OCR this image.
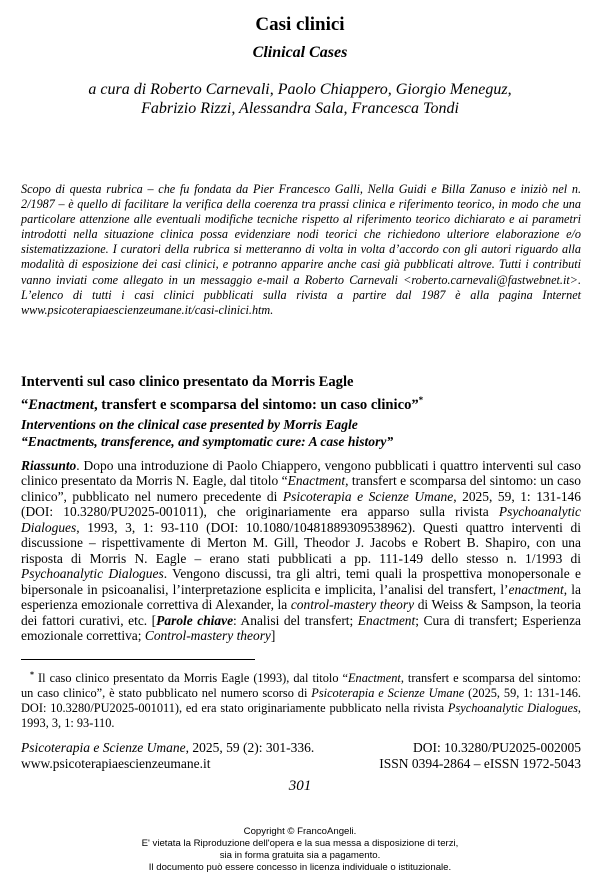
Casi clinici
Clinical Cases
a cura di Roberto Carnevali, Paolo Chiappero, Giorgio Meneguz,
Fabrizio Rizzi, Alessandra Sala, Francesca Tondi

Scopo di questa rubrica – che fu fondata da Pier Francesco Galli, Nella Guidi e Billa Zanuso e iniziò nel n. 2/1987 – è quello di facilitare la verifica della coerenza tra prassi clinica e riferimento teorico, in modo che una particolare attenzione alle eventuali modifiche tecniche rispetto al riferimento teorico dichiarato e ai parametri introdotti nella situazione clinica possa evidenziare nodi teorici che richiedono ulteriore elaborazione e/o sistematizzazione. I curatori della rubrica si metteranno di volta in volta d’accordo con gli autori riguardo alla modalità di esposizione dei casi clinici, e potranno apparire anche casi già pubblicati altrove. Tutti i contributi vanno inviati come allegato in un messaggio e-mail a Roberto Carnevali <roberto.carnevali@fastwebnet.it>. L’elenco di tutti i casi clinici pubblicati sulla rivista a partire dal 1987 è alla pagina Internet www.psicoterapiaescienzeumane.it/casi-clinici.htm.

Interventi sul caso clinico presentato da Morris Eagle
“Enactment, transfert e scomparsa del sintomo: un caso clinico”*
Interventions on the clinical case presented by Morris Eagle
“Enactments, transference, and symptomatic cure: A case history”

Riassunto. Dopo una introduzione di Paolo Chiappero, vengono pubblicati i quattro interventi sul caso clinico presentato da Morris N. Eagle, dal titolo “Enactment, transfert e scomparsa del sintomo: un caso clinico”, pubblicato nel numero precedente di Psicoterapia e Scienze Umane, 2025, 59, 1: 131-146 (DOI: 10.3280/PU2025-001011), che originariamente era apparso sulla rivista Psychoanalytic Dialogues, 1993, 3, 1: 93-110 (DOI: 10.1080/10481889309538962). Questi quattro interventi di discussione – rispettivamente di Merton M. Gill, Theodor J. Jacobs e Robert B. Shapiro, con una risposta di Morris N. Eagle – erano stati pubblicati a pp. 111-149 dello stesso n. 1/1993 di Psychoanalytic Dialogues. Vengono discussi, tra gli altri, temi quali la prospettiva monopersonale e bipersonale in psicoanalisi, l’interpretazione esplicita e implicita, l’analisi del transfert, l’enactment, la esperienza emozionale correttiva di Alexander, la control-mastery theory di Weiss & Sampson, la teoria dei fattori curativi, etc. [Parole chiave: Analisi del transfert; Enactment; Cura di transfert; Esperienza emozionale correttiva; Control-mastery theory]

* Il caso clinico presentato da Morris Eagle (1993), dal titolo “Enactment, transfert e scomparsa del sintomo: un caso clinico”, è stato pubblicato nel numero scorso di Psicoterapia e Scienze Umane (2025, 59, 1: 131-146. DOI: 10.3280/PU2025-001011), ed era stato originariamente pubblicato nella rivista Psychoanalytic Dialogues, 1993, 3, 1: 93-110.

Psicoterapia e Scienze Umane, 2025, 59 (2): 301-336.	DOI: 10.3280/PU2025-002005
www.psicoterapiaescienzeumane.it	ISSN 0394-2864 – eISSN 1972-5043
301
Copyright © FrancoAngeli.
E' vietata la Riproduzione dell'opera e la sua messa a disposizione di terzi,
sia in forma gratuita sia a pagamento.
Il documento può essere concesso in licenza individuale o istituzionale.
